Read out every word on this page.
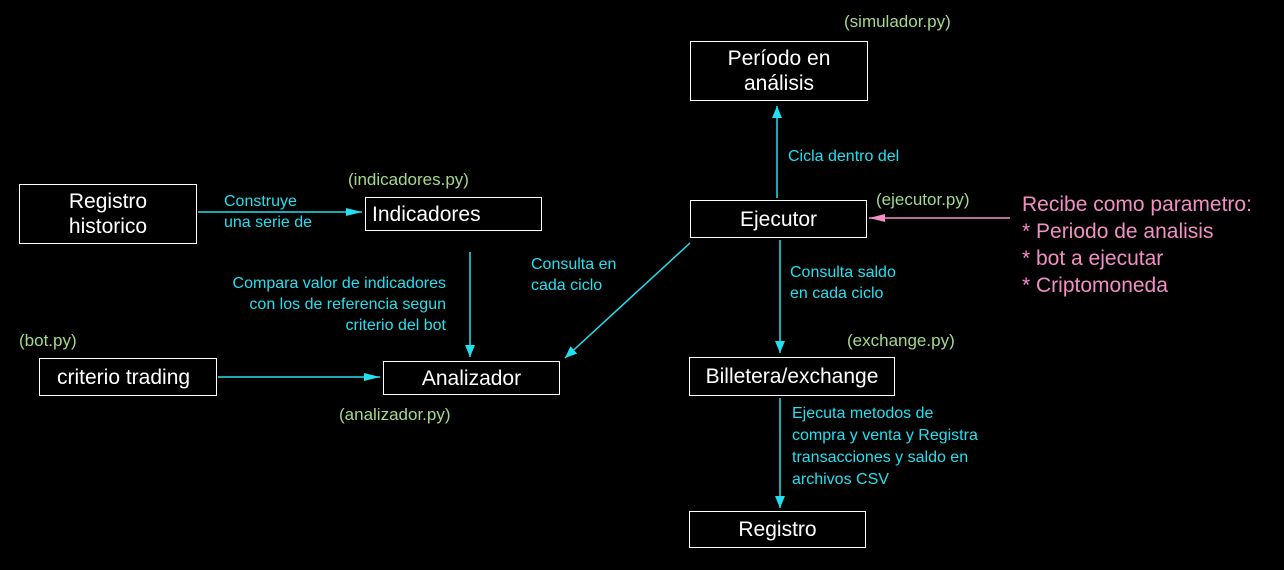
Período en
análisis
Registro
historico
Indicadores	Ejecutor
criterio trading	Analizador	Billetera/exchange
Registro
(simulador.py)
(indicadores.py)
(ejecutor.py)
(bot.py)	(exchange.py)
(analizador.py)
Construye
una serie de
Compara valor de indicadores
con los de referencia segun
criterio del bot
Consulta en
cada ciclo
Cicla dentro del
Consulta saldo
en cada ciclo
Ejecuta metodos de
compra y venta y Registra
transacciones y saldo en
archivos CSV
Recibe como parametro:
* Periodo de analisis
* bot a ejecutar
* Criptomoneda
